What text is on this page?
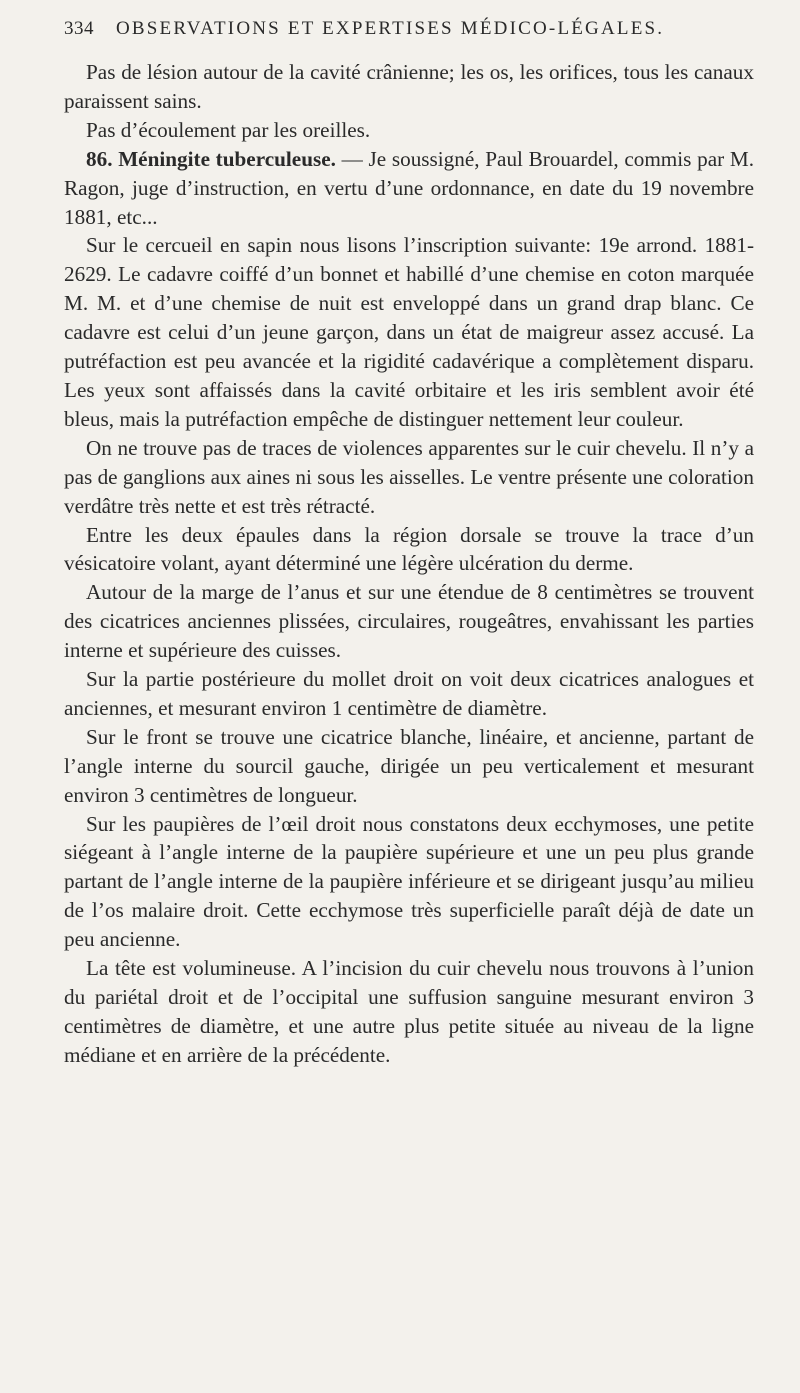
334 OBSERVATIONS ET EXPERTISES MÉDICO-LÉGALES.

Pas de lésion autour de la cavité crânienne; les os, les orifices, tous les canaux paraissent sains.

Pas d’écoulement par les oreilles.

86. Méningite tuberculeuse. — Je soussigné, Paul Brouardel, commis par M. Ragon, juge d’instruction, en vertu d’une ordonnance, en date du 19 novembre 1881, etc...

Sur le cercueil en sapin nous lisons l’inscription suivante: 19e arrond. 1881-2629. Le cadavre coiffé d’un bonnet et habillé d’une chemise en coton marquée M. M. et d’une chemise de nuit est enveloppé dans un grand drap blanc. Ce cadavre est celui d’un jeune garçon, dans un état de maigreur assez accusé. La putréfaction est peu avancée et la rigidité cadavérique a complètement disparu. Les yeux sont affaissés dans la cavité orbitaire et les iris semblent avoir été bleus, mais la putréfaction empêche de distinguer nettement leur couleur.

On ne trouve pas de traces de violences apparentes sur le cuir chevelu. Il n’y a pas de ganglions aux aines ni sous les aisselles. Le ventre présente une coloration verdâtre très nette et est très rétracté.

Entre les deux épaules dans la région dorsale se trouve la trace d’un vésicatoire volant, ayant déterminé une légère ulcération du derme.

Autour de la marge de l’anus et sur une étendue de 8 centimètres se trouvent des cicatrices anciennes plissées, circulaires, rougeâtres, envahissant les parties interne et supérieure des cuisses.

Sur la partie postérieure du mollet droit on voit deux cicatrices analogues et anciennes, et mesurant environ 1 centimètre de diamètre.

Sur le front se trouve une cicatrice blanche, linéaire, et ancienne, partant de l’angle interne du sourcil gauche, dirigée un peu verticalement et mesurant environ 3 centimètres de longueur.

Sur les paupières de l’œil droit nous constatons deux ecchymoses, une petite siégeant à l’angle interne de la paupière supérieure et une un peu plus grande partant de l’angle interne de la paupière inférieure et se dirigeant jusqu’au milieu de l’os malaire droit. Cette ecchymose très superficielle paraît déjà de date un peu ancienne.

La tête est volumineuse. A l’incision du cuir chevelu nous trouvons à l’union du pariétal droit et de l’occipital une suffusion sanguine mesurant environ 3 centimètres de diamètre, et une autre plus petite située au niveau de la ligne médiane et en arrière de la précédente.
